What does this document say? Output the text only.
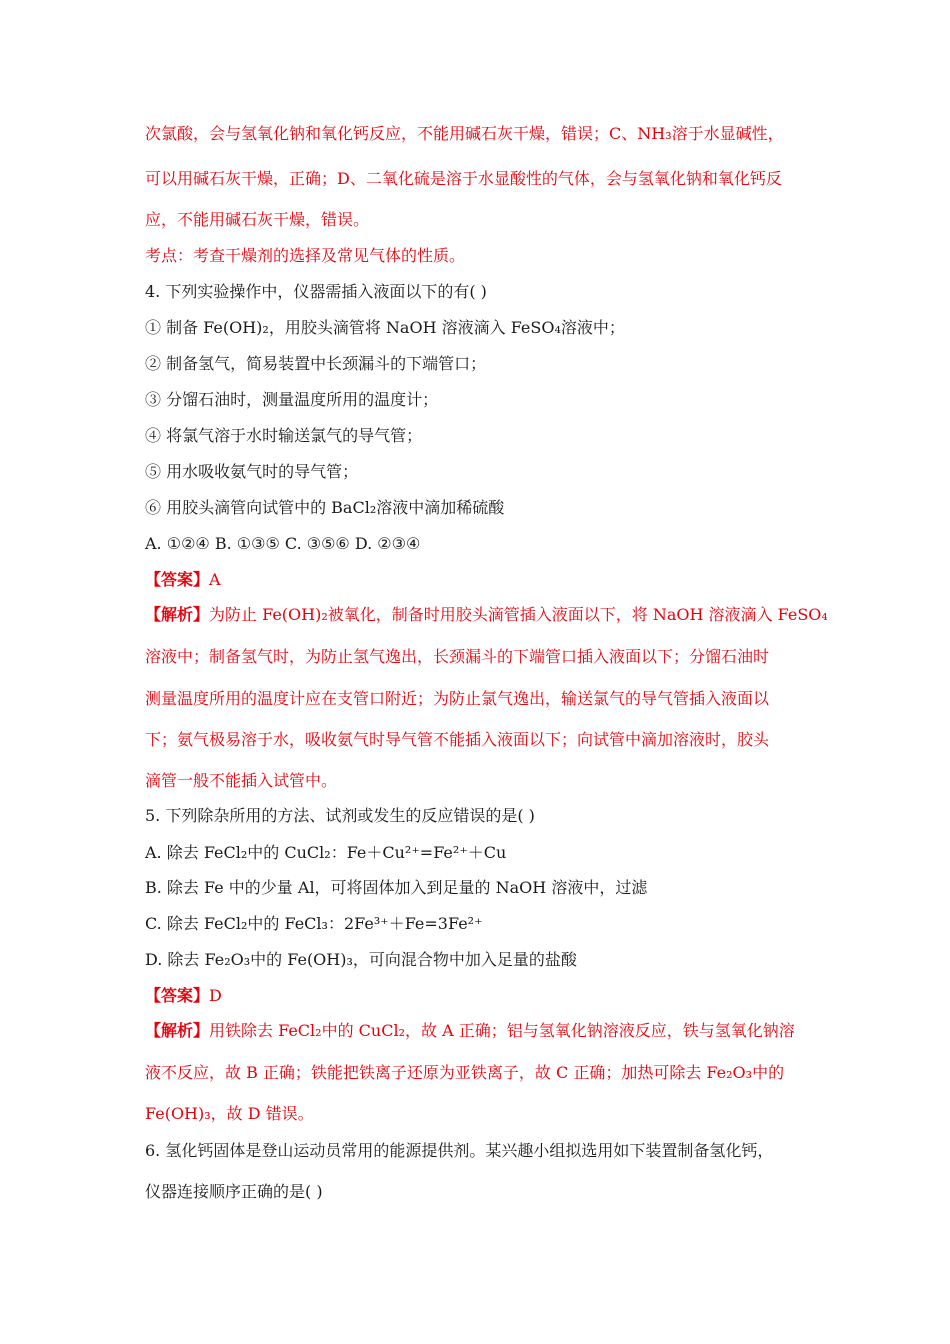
次氯酸，会与氢氧化钠和氧化钙反应，不能用碱石灰干燥，错误；C、NH₃溶于水显碱性，
可以用碱石灰干燥，正确；D、二氧化硫是溶于水显酸性的气体，会与氢氧化钠和氧化钙反
应，不能用碱石灰干燥，错误。
考点：考查干燥剂的选择及常见气体的性质。
4. 下列实验操作中，仪器需插入液面以下的有( )
① 制备 Fe(OH)₂，用胶头滴管将 NaOH 溶液滴入 FeSO₄溶液中；
② 制备氢气，简易装置中长颈漏斗的下端管口；
③ 分馏石油时，测量温度所用的温度计；
④ 将氯气溶于水时输送氯气的导气管；
⑤ 用水吸收氨气时的导气管；
⑥ 用胶头滴管向试管中的 BaCl₂溶液中滴加稀硫酸
A. ①②④ B. ①③⑤ C. ③⑤⑥ D. ②③④
【答案】A
【解析】为防止 Fe(OH)₂被氧化，制备时用胶头滴管插入液面以下，将 NaOH 溶液滴入 FeSO₄
溶液中；制备氢气时，为防止氢气逸出，长颈漏斗的下端管口插入液面以下；分馏石油时
测量温度所用的温度计应在支管口附近；为防止氯气逸出，输送氯气的导气管插入液面以
下；氨气极易溶于水，吸收氨气时导气管不能插入液面以下；向试管中滴加溶液时，胶头
滴管一般不能插入试管中。
5. 下列除杂所用的方法、试剂或发生的反应错误的是( )
A. 除去 FeCl₂中的 CuCl₂：Fe＋Cu²⁺=Fe²⁺＋Cu
B. 除去 Fe 中的少量 Al，可将固体加入到足量的 NaOH 溶液中，过滤
C. 除去 FeCl₂中的 FeCl₃：2Fe³⁺＋Fe=3Fe²⁺
D. 除去 Fe₂O₃中的 Fe(OH)₃，可向混合物中加入足量的盐酸
【答案】D
【解析】用铁除去 FeCl₂中的 CuCl₂，故 A 正确；铝与氢氧化钠溶液反应，铁与氢氧化钠溶
液不反应，故 B 正确；铁能把铁离子还原为亚铁离子，故 C 正确；加热可除去 Fe₂O₃中的
Fe(OH)₃，故 D 错误。
6. 氢化钙固体是登山运动员常用的能源提供剂。某兴趣小组拟选用如下装置制备氢化钙，
仪器连接顺序正确的是( )
